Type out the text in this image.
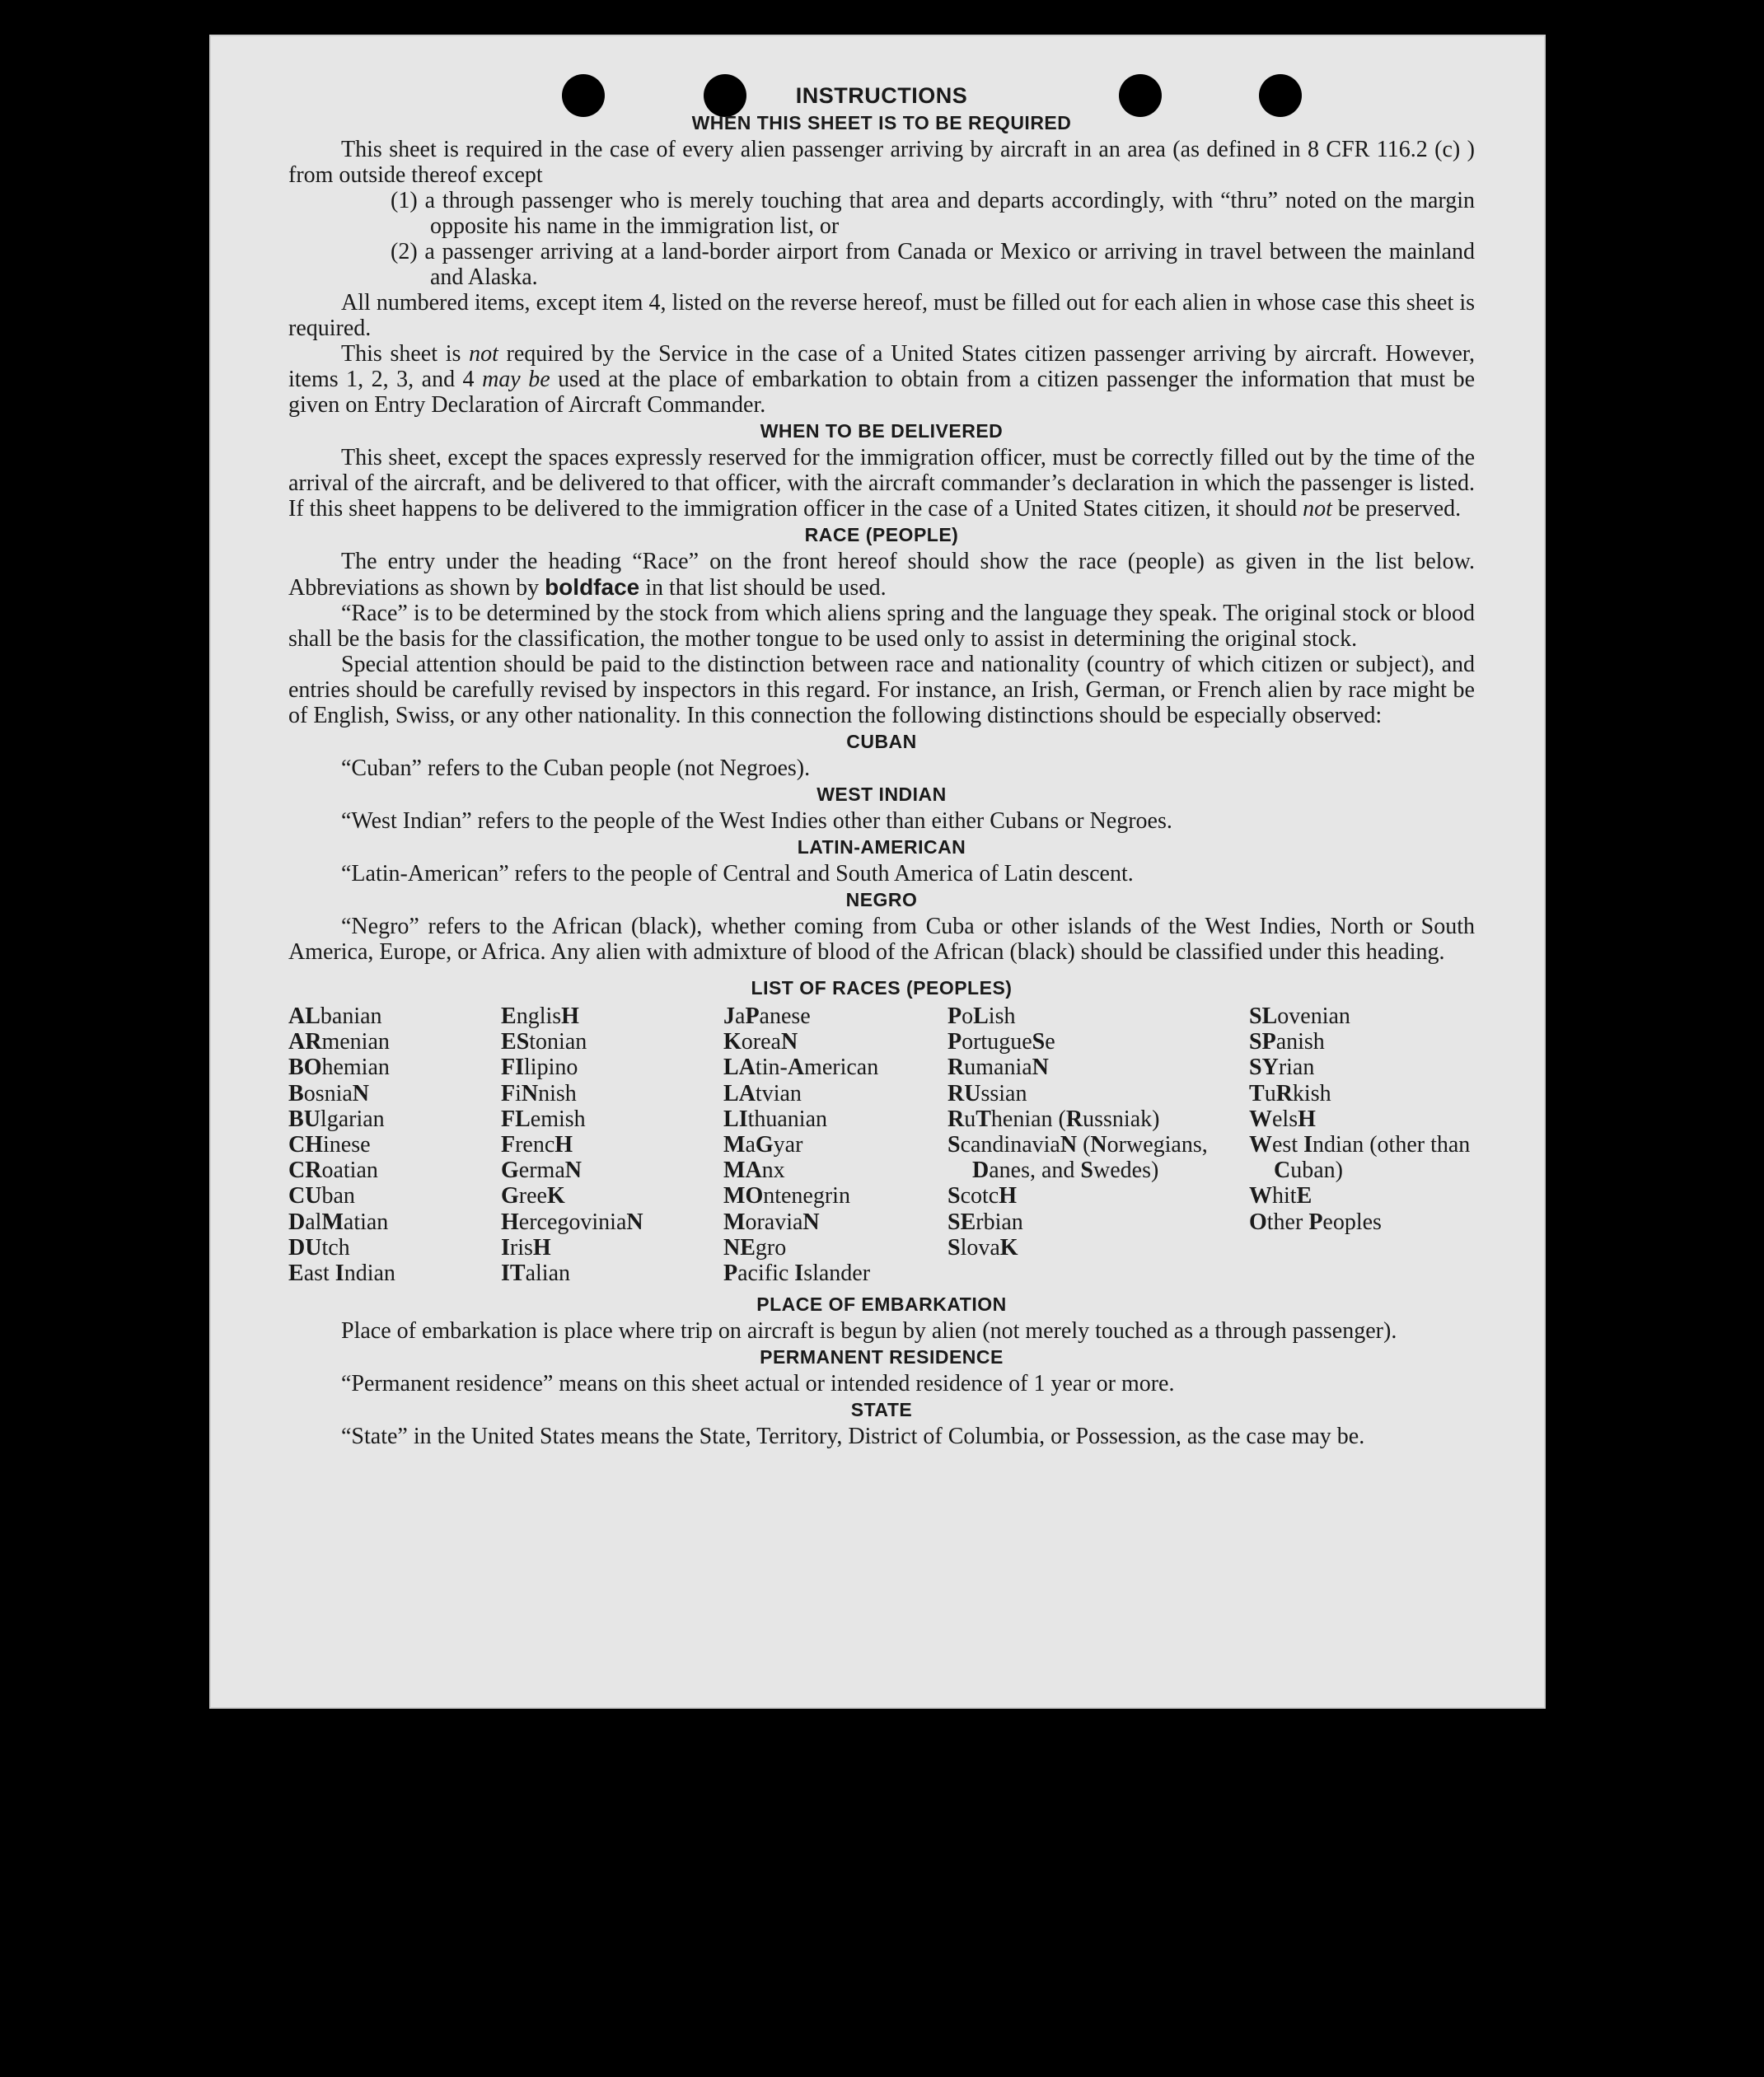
INSTRUCTIONS
WHEN THIS SHEET IS TO BE REQUIRED

This sheet is required in the case of every alien passenger arriving by aircraft in an area (as defined in 8 CFR 116.2 (c) ) from outside thereof except

(1) a through passenger who is merely touching that area and departs accordingly, with “thru” noted on the margin opposite his name in the immigration list, or
(2) a passenger arriving at a land-border airport from Canada or Mexico or arriving in travel between the mainland and Alaska.

All numbered items, except item 4, listed on the reverse hereof, must be filled out for each alien in whose case this sheet is required.

This sheet is not required by the Service in the case of a United States citizen passenger arriving by aircraft. However, items 1, 2, 3, and 4 may be used at the place of embarkation to obtain from a citizen passenger the information that must be given on Entry Declaration of Aircraft Commander.

WHEN TO BE DELIVERED

This sheet, except the spaces expressly reserved for the immigration officer, must be correctly filled out by the time of the arrival of the aircraft, and be delivered to that officer, with the aircraft commander’s declaration in which the passenger is listed. If this sheet happens to be delivered to the immigration officer in the case of a United States citizen, it should not be preserved.

RACE (PEOPLE)

The entry under the heading “Race” on the front hereof should show the race (people) as given in the list below. Abbreviations as shown by boldface in that list should be used.

“Race” is to be determined by the stock from which aliens spring and the language they speak. The original stock or blood shall be the basis for the classification, the mother tongue to be used only to assist in determining the original stock.

Special attention should be paid to the distinction between race and nationality (country of which citizen or subject), and entries should be carefully revised by inspectors in this regard. For instance, an Irish, German, or French alien by race might be of English, Swiss, or any other nationality. In this connection the following distinctions should be especially observed:

CUBAN
“Cuban” refers to the Cuban people (not Negroes).
WEST INDIAN
“West Indian” refers to the people of the West Indies other than either Cubans or Negroes.
LATIN-AMERICAN
“Latin-American” refers to the people of Central and South America of Latin descent.
NEGRO

“Negro” refers to the African (black), whether coming from Cuba or other islands of the West Indies, North or South America, Europe, or Africa. Any alien with admixture of blood of the African (black) should be classified under this heading.

LIST OF RACES (PEOPLES)
ALbanian
ARmenian
BOhemian
BosniaN
BUlgarian
CHinese
CRoatian
CUban
DalMatian
DUtch
East Indian
EnglisH
EStonian
FIlipino
FiNnish
FLemish
FrencH
GermaN
GreeK
HercegoviniaN
IrisH
ITalian
JaPanese
KoreaN
LAtin-American
LAtvian
LIthuanian
MaGyar
MAnx
MOntenegrin
MoraviaN
NEgro
Pacific Islander
PoLish
PortugueSe
RumaniaN
RUssian
RuThenian (Russniak)
ScandinaviaN (Norwegians, Danes, and Swedes)
ScotcH
SErbian
SlovaK
SLovenian
SPanish
SYrian
TuRkish
WelsH
West Indian (other than Cuban)
WhitE
Other Peoples
PLACE OF EMBARKATION

Place of embarkation is place where trip on aircraft is begun by alien (not merely touched as a through passenger).

PERMANENT RESIDENCE

“Permanent residence” means on this sheet actual or intended residence of 1 year or more.

STATE

“State” in the United States means the State, Territory, District of Columbia, or Possession, as the case may be.
